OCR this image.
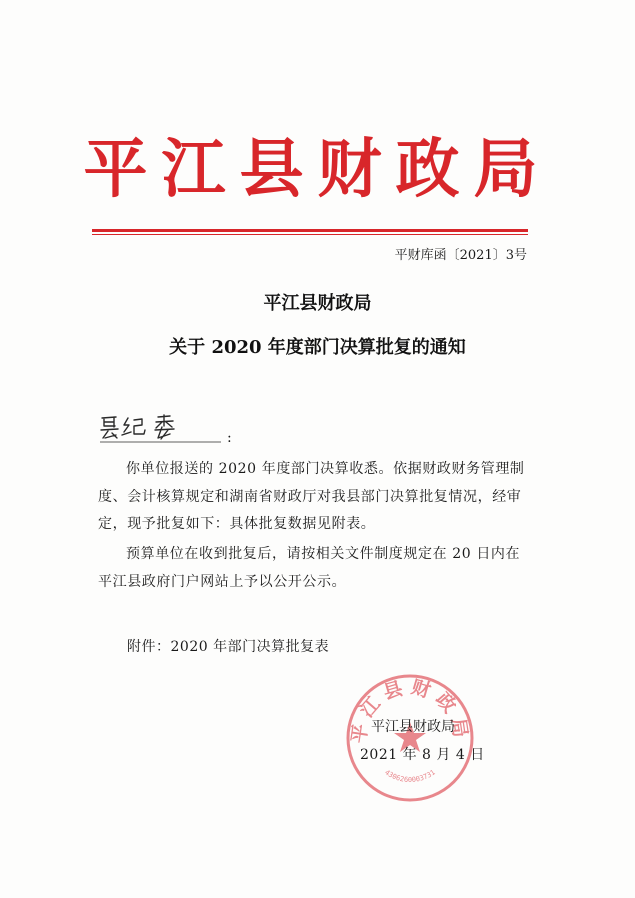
平江县财政局
平财库函〔2021〕3号
平江县财政局
关于 2020 年度部门决算批复的通知
:

你单位报送的 2020 年度部门决算收悉。依据财政财务管理制度、会计核算规定和湖南省财政厅对我县部门决算批复情况，经审定，现予批复如下：具体批复数据见附表。

预算单位在收到批复后，请按相关文件制度规定在 20 日内在平江县政府门户网站上予以公开公示。

附件：2020 年部门决算批复表
平江县财政局
4306260003731
平江县财政局
2021 年 8 月 4 日
